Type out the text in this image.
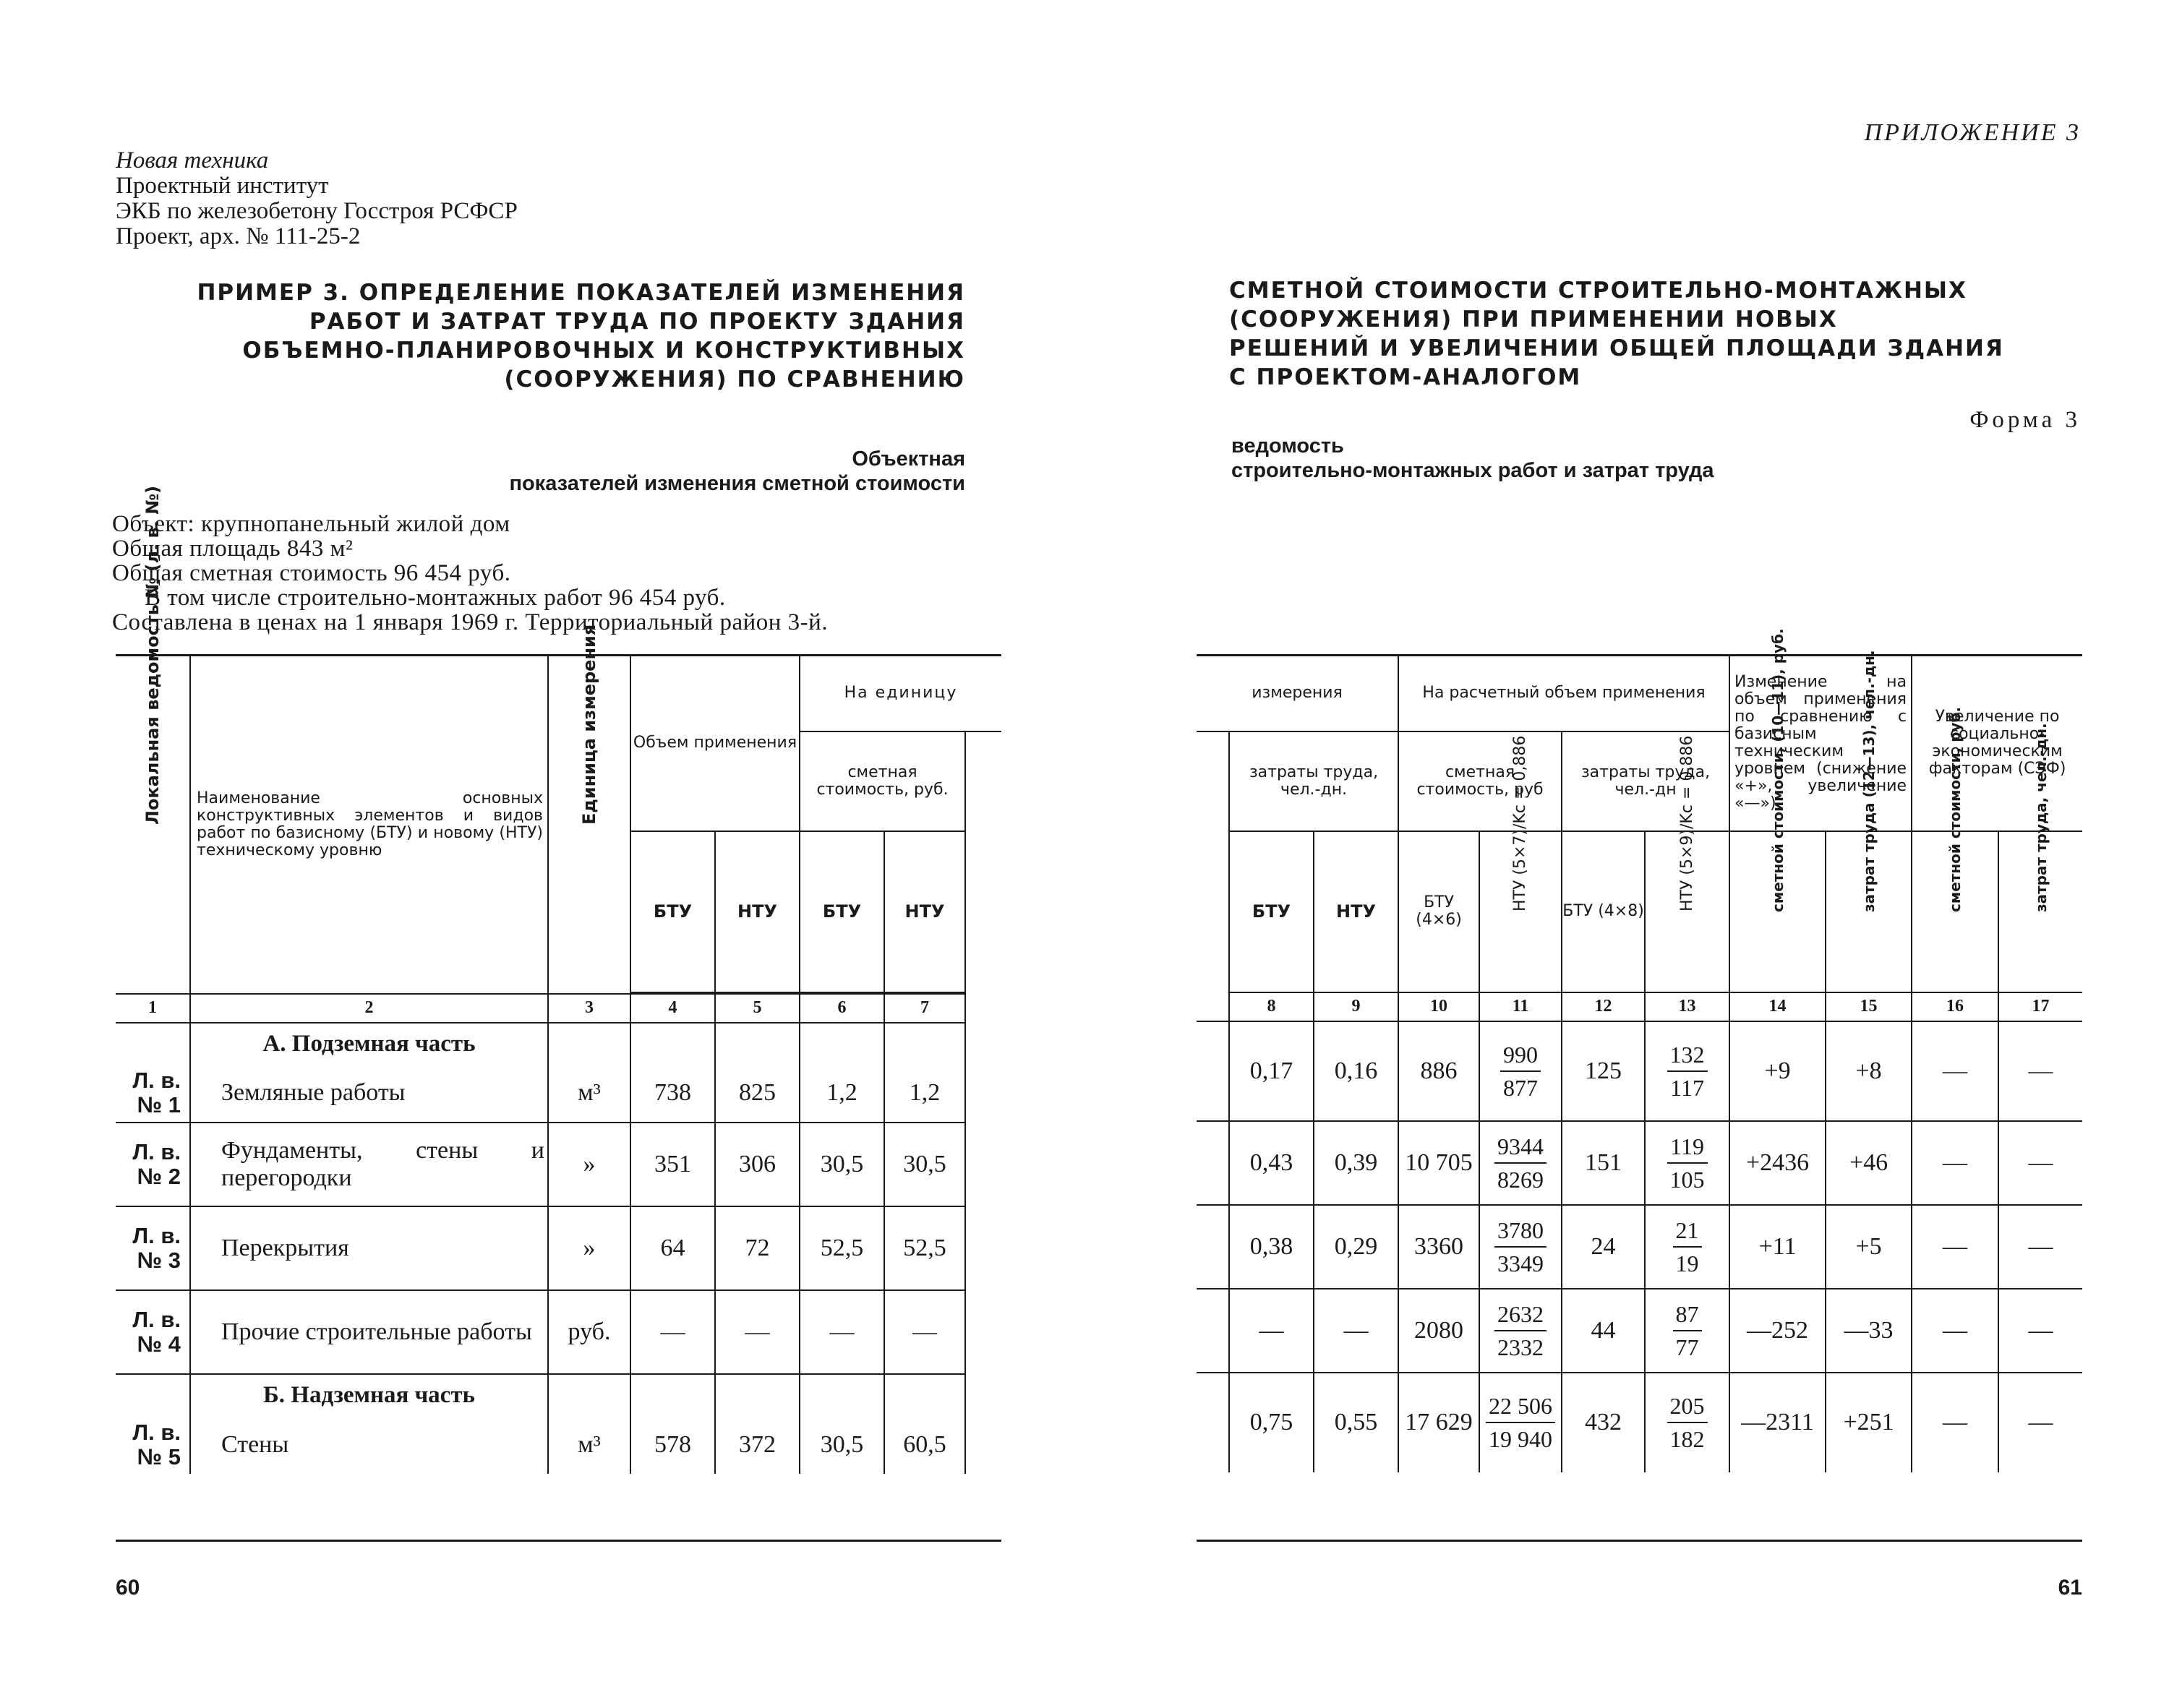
Новая техника
Проектный институт
ЭКБ по железобетону Госстроя РСФСР
Проект, арх. № 111-25-2
ПРИМЕР 3. ОПРЕДЕЛЕНИЕ ПОКАЗАТЕЛЕЙ ИЗМЕНЕНИЯ
РАБОТ И ЗАТРАТ ТРУДА ПО ПРОЕКТУ ЗДАНИЯ
ОБЪЕМНО-ПЛАНИРОВОЧНЫХ И КОНСТРУКТИВНЫХ
(СООРУЖЕНИЯ) ПО СРАВНЕНИЮ
Объектная
показателей изменения сметной стоимости
Объект: крупнопанельный жилой дом
Общая площадь 843 м²
Общая сметная стоимость 96 454 руб.
В том числе строительно-монтажных работ 96 454 руб.
Составлена в ценах на 1 января 1969 г. Территориальный район 3-й.
ПРИЛОЖЕНИЕ 3
СМЕТНОЙ СТОИМОСТИ СТРОИТЕЛЬНО-МОНТАЖНЫХ
(СООРУЖЕНИЯ) ПРИ ПРИМЕНЕНИИ НОВЫХ
РЕШЕНИЙ И УВЕЛИЧЕНИИ ОБЩЕЙ ПЛОЩАДИ ЗДАНИЯ
С ПРОЕКТОМ-АНАЛОГОМ
Форма 3
ведомость
строительно-монтажных работ и затрат труда
Локальная ведомость № (л. в. №)	Наименование основных конструктивных элементов и видов работ по базисному (БТУ) и новому (НТУ) техническому уровню	Единица измерения	Объем применения		На единицу		
					сметная стоимость, руб.		
			БТУ	НТУ	БТУ	НТУ	

1	2	3	4	5	6	7	
	А. Подземная часть						
Л. в. № 1	Земляные работы	м³	738	825	1,2	1,2	
Л. в. № 2	Фундаменты, стены и перегородки	»	351	306	30,5	30,5	
Л. в. № 3	Перекрытия	»	64	72	52,5	52,5	
Л. в. № 4	Прочие строительные работы	руб.	—	—	—	—	
	Б. Надземная часть						
Л. в. № 5	Стены	м³	578	372	30,5	60,5	
измерения			На расчетный объем применения				Изменение на объем применения по сравнению с базисным техническим уровнем (снижение «+», увеличение «—»)		Увеличение по социально-экономическим факторам (СЭФ)	
	затраты труда, чел.-дн.		сметная стоимость, руб		затраты труда, чел.-дн					
	БТУ	НТУ	БТУ (4×6)	НТУ (5×7)/Kс = 0,886	БТУ (4×8)	НТУ (5×9)/Kс = 0,886	сметной стоимости, (10—11), руб.	затрат труда (12—13), чел.-дн.	сметной стоимости, руб.	затрат труда, чел.-дн.
	8	9	10	11	12	13	14	15	16	17
	0,17	0,16	886	$\frac{990}{877}$	125	$\frac{132}{117}$	+9	+8	—	—
	0,43	0,39	10 705	$\frac{9344}{8269}$	151	$\frac{119}{105}$	+2436	+46	—	—
	0,38	0,29	3360	$\frac{3780}{3349}$	24	$\frac{21}{19}$	+11	+5	—	—
	—	—	2080	$\frac{2632}{2332}$	44	$\frac{87}{77}$	—252	—33	—	—
	0,75	0,55	17 629	$\frac{22 506}{19 940}$	432	$\frac{205}{182}$	—2311	+251	—	—
60	61
